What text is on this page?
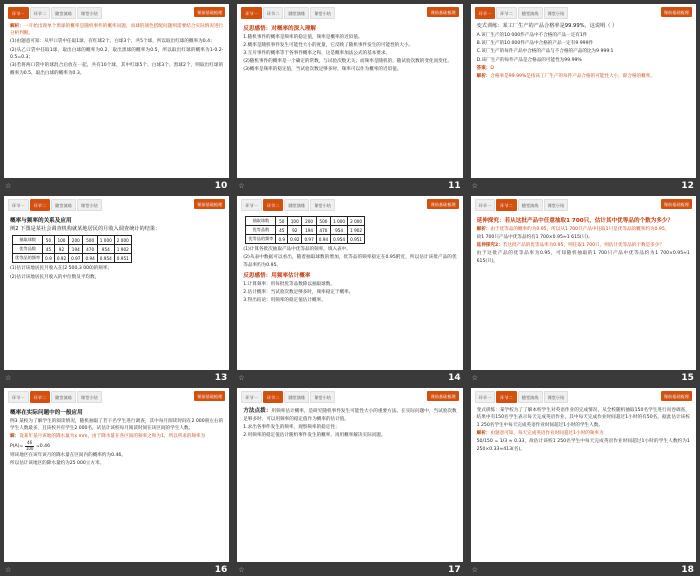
环节一	环节二	随堂演练	课堂小结	课前基础梳理
解析：一开始出现单个黑球的概率是随机事件的概率问题，而球的颜色搭配问题则需要结合实际情况进行分析判断。
(1)由题意可知：从甲口袋中任取1球，有红球2个、白球3个，共5个球，所以取出红球的概率为0.4；
(2)从乙口袋中任取1球，取出白球的概率为0.2，取出黑球的概率为0.5，所以取出红球的概率为1-0.2-0.5=0.3；
(3)若将两口袋中的球混合后放在一起，共有10个球，其中红球5个、白球3个、黑球2个，则取出红球的概率为0.5，取出白球的概率为0.3。
☆	10
环节一	环节二	随堂演练	课堂小结	课前基础梳理
反思感悟：对概率的深入理解
1.随机事件的概率是频率的稳定值，频率是概率的近似值。
2.概率是随机事件发生可能性大小的度量，它反映了随机事件发生的可能性的大小。
3.互斥事件的概率等于各事件概率之和，这是概率加法公式的基本要求。
(2)随机事件的概率是一个确定的常数，与试验次数无关；而频率是随机的，随试验次数的变化而变化。
(3)概率是频率的稳定值，当试验次数足够多时，频率可以作为概率的近似值。
☆	11
环节一	环节二	随堂演练	课堂小结	课前基础梳理
变式训练：某工厂生产的产品合格率是99.99%，这说明（ ）
A.该厂生产的10 000件产品中不合格的产品一定有1件
B.该厂生产的10 000件产品中合格的产品一定有9 999件
C.该厂生产的每件产品中合格的产品与不合格的产品的比为9 999∶1
D.该厂生产的每件产品是合格品的可能性为99.99%
答案：D
解析：合格率是99.99%是指该工厂生产的每件产品合格的可能性大小，即合格的概率。
☆	12
环节一	环节二	随堂演练	课堂小结	课前基础梳理
概率与频率的关系及应用
例2 下图是某社会调查机构就某地居民的月收入调查统计的结果：
抽取球数	50	100	200	500	1 000	2 000
优等品数	45	92	194	470	954	1 902
优等品的频率	0.9	0.92	0.97	0.94	0.954	0.951
(1)估计该地居民月收入在[2 500,3 000)的频率；
(2)估计该地居民月收入的中位数及平均数。
☆	13
环节一	环节二	随堂演练	课堂小结	课前基础梳理
抽取球数	50	100	200	500	1 000	2 000
优等品数	45	92	194	470	954	1 902
优等品的频率	0.9	0.92	0.97	0.94	0.954	0.951
(1)计算各批次抽取产品中优等品的频率，填入表中。
(2)从表中数据可以看出，随着抽取球数的增加，优等品的频率稳定在0.95附近，所以估计该批产品的优等品率约为0.95。
反思感悟：用频率估计概率
1.计算频率：用每批优等品数除以抽取球数。
2.估计概率：当试验次数足够多时，频率稳定于概率。
3.得出结论：用频率的稳定值估计概率。
☆	14
环节一	环节二	随堂演练	课堂小结	课前基础梳理
延伸探究：若从这批产品中任意抽取1 700只，估计其中优等品的个数为多少？
解析：由于优等品的概率约为0.95，所以从1 700只产品中任取1只是优等品的概率约为0.95，
故1 700只产品中优等品约有1 700×0.95≈1 615(只)。
延伸探究2：若这批产品的优等品率为0.95，则任取1 700只，则估计优等品的个数是多少？
由于这批产品的优等品率为0.95，可知随机抽取的1 700只产品中优等品约为1 700×0.95≈1 615(只)。
☆	15
环节一	环节二	随堂演练	课堂小结	课前基础梳理
概率在实际问题中的一般应用
例3 某校为了解学生的阅读情况，随机抽取了若干名学生进行调查，其中每月阅读时间在2 000册左右的学生人数最多，且该校共有学生2 000名，试估计该校每月阅读时间在该区间的学生人数。
解：设某年某月该地的降水量为x mm，由于降水量在各区间的频率之和为1，所以所求的频率为
$P(A)= \frac{46}{100} =0.46$
则该地区在该年该月的降水量在区间内的概率约为0.46。
所以估计该地区的降水量约为25 000立方米。
☆	16
环节一	环节二	随堂演练	课堂小结	课前基础梳理
方法点拨：用频率估计概率，是研究随机事件发生可能性大小的重要方法。在实际问题中，当试验次数足够多时，可以用频率的稳定值作为概率的估计值。
1.求出各事件发生的频率，观察频率的稳定性；
2.用频率的稳定值估计随机事件发生的概率，再用概率解决实际问题。
☆	17
环节一	环节二	随堂演练	课堂小结	课前基础梳理
变式训练：某学校为了了解本校学生对英语作业的完成情况，从全校随机抽取150名学生进行问卷调查，结果中有150名学生表示每天完成英语作业，其中每天完成作业时间超过1小时的有50名。据此估计该校1 250名学生中每天完成英语作业时间超过1小时的学生人数。
解析：由题意可知，每天完成英语作业时间超过1小时的频率为
50/150 = 1/3 ≈ 0.33，故估计该校1 250名学生中每天完成英语作业时间超过1小时的学生人数约为1 250×0.33≈413(名)。
☆	18
